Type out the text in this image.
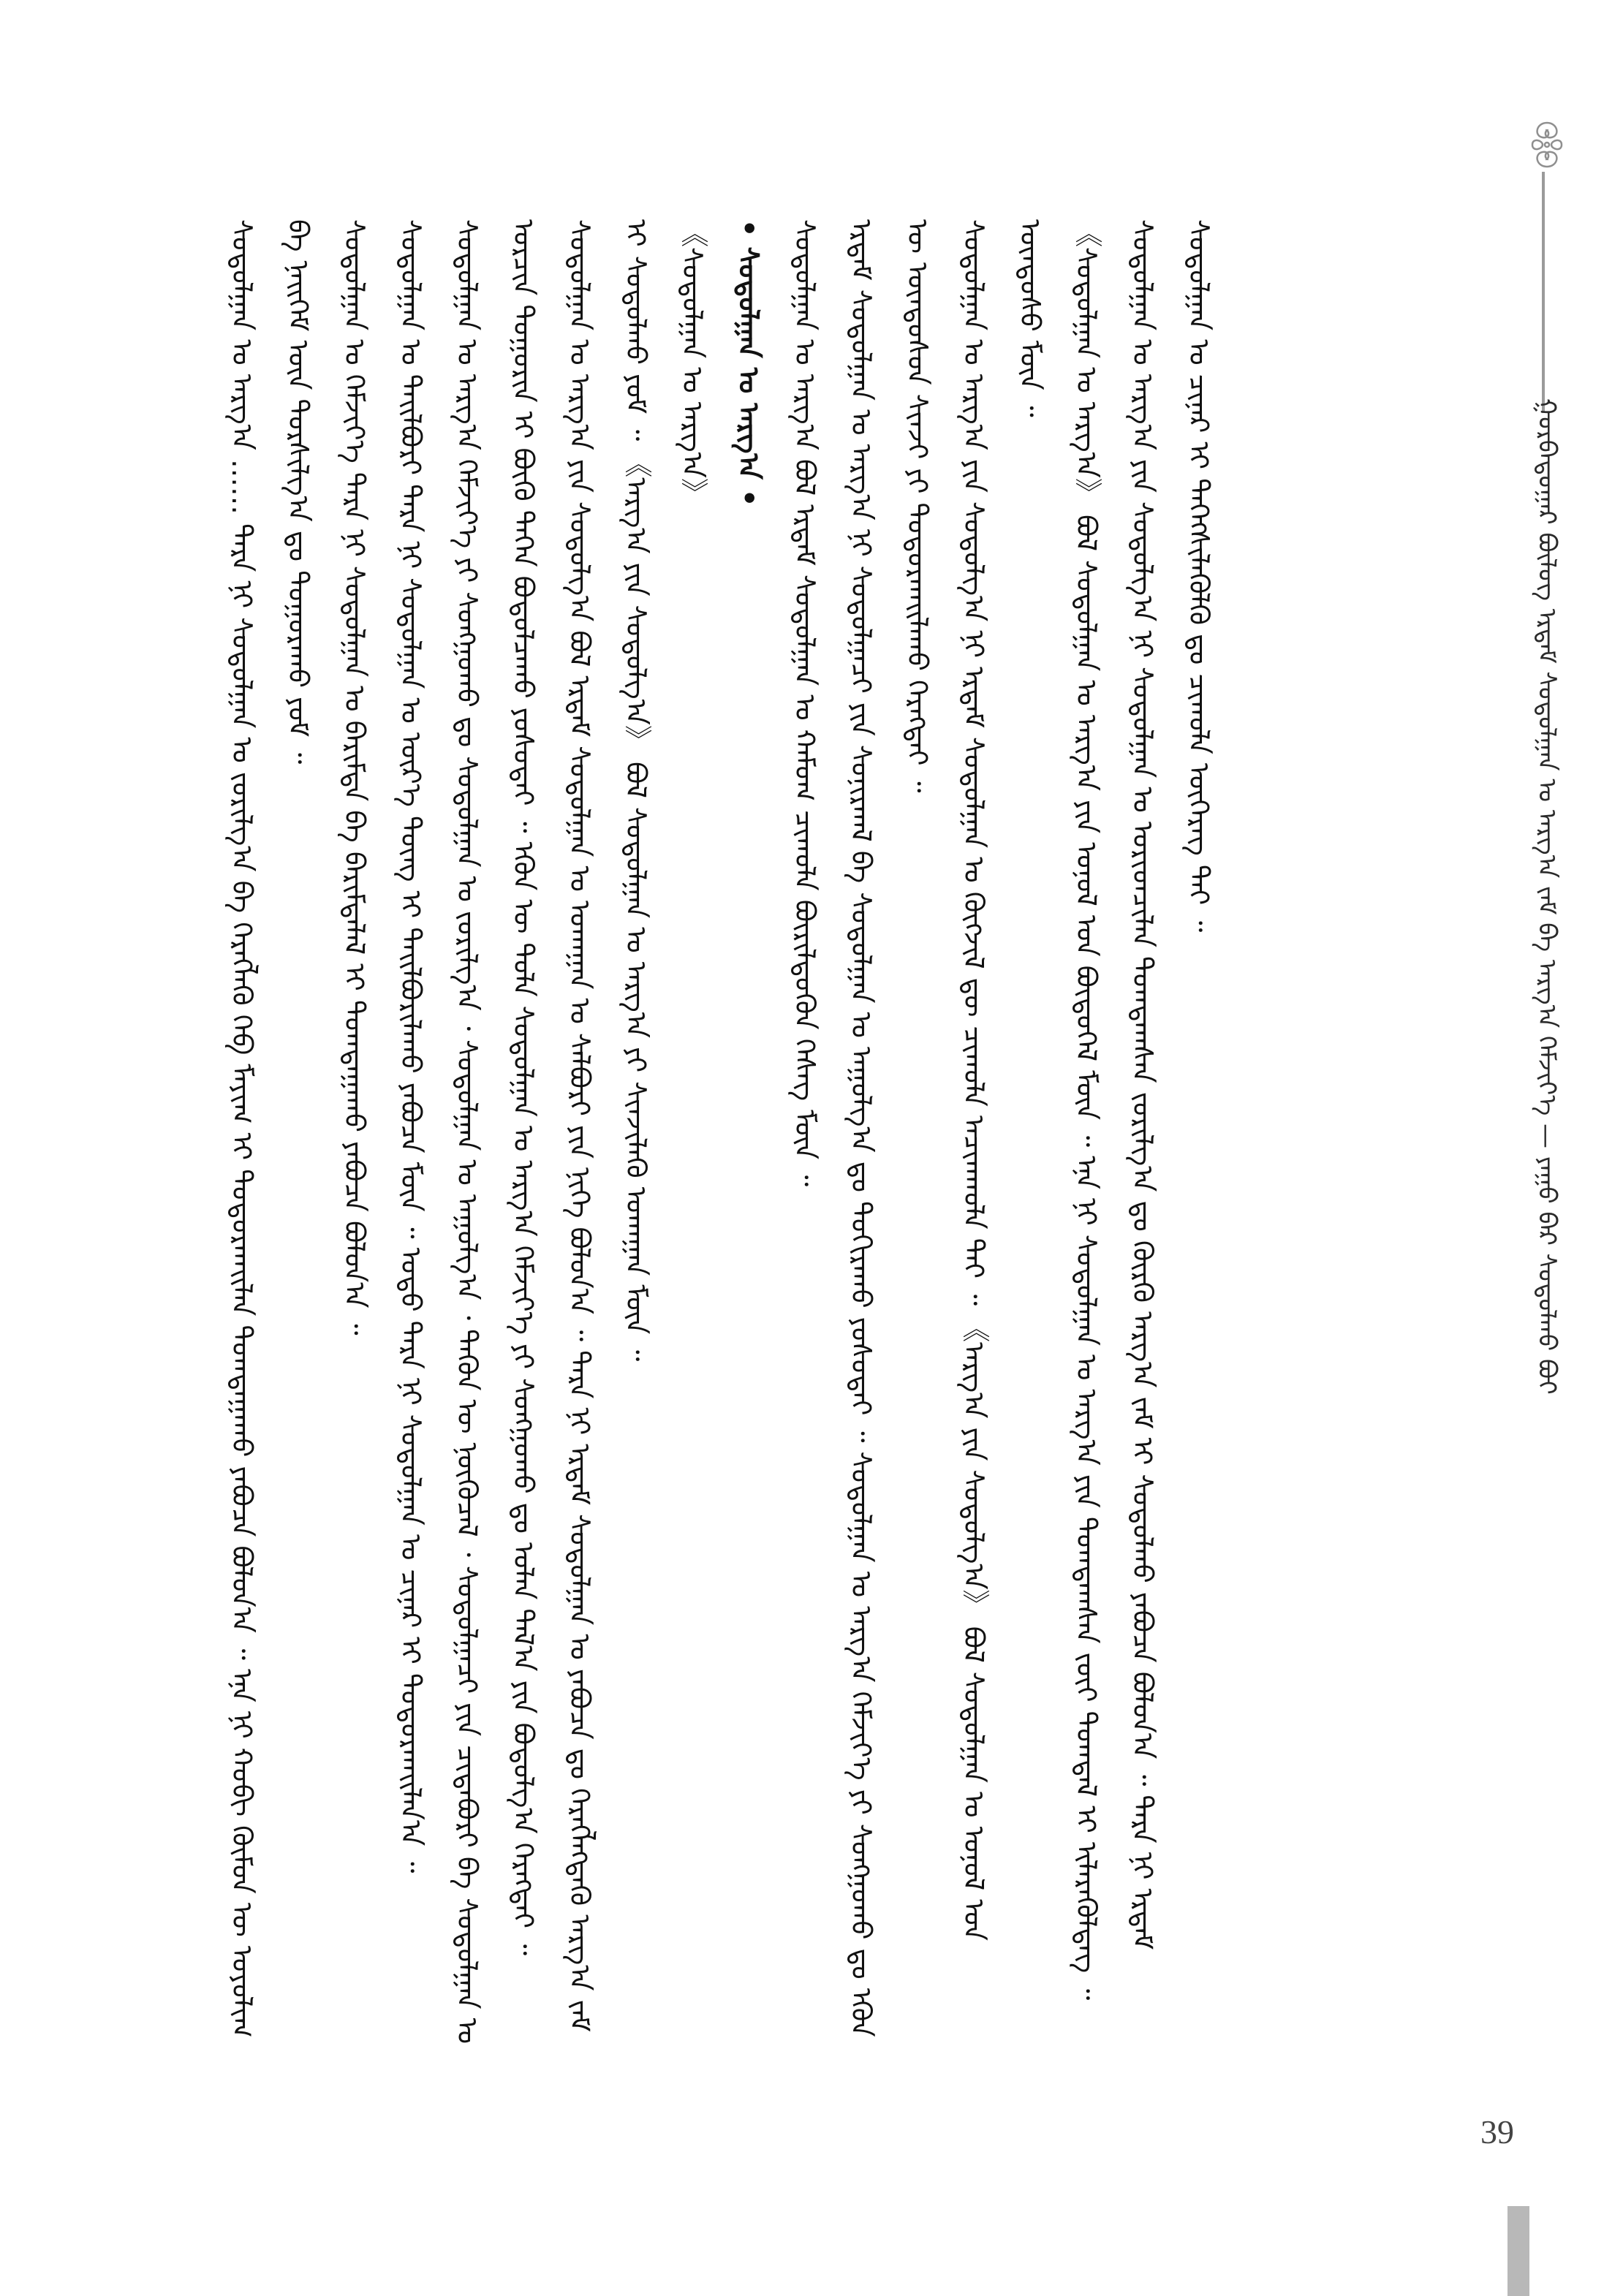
ᠭᠤᠷᠪᠠᠳᠤᠭᠠᠷ ᠪᠦᠯᠦᠭ ᠡᠷᠳᠡᠮ ᠰᠤᠳᠤᠯᠭᠠᠨ ᠤ ᠠᠷᠭ᠎ᠠ ᠵᠠᠮ ᠪᠠ ᠠᠷᠭ᠎ᠠ ᠬᠡᠮᠵᠢᠶ᠎ᠡ — ᠶᠠᠭᠤ ᠪᠡᠷ ᠰᠤᠳᠤᠯᠬᠤ ᠪᠤᠢ

ᠰᠤᠳᠤᠯᠭᠠᠨ ᠤ ᠠᠷᠭ᠎ᠠ …… ᠲᠡᠷᠡ ᠨᠢ ᠰᠤᠳᠤᠯᠭᠠᠨ ᠤ ᠵᠤᠷᠢᠯᠭ᠎ᠠ ᠪᠠ ᠬᠡᠷᠡᠭᠯᠡᠬᠦ ᠬᠡᠪ ᠮᠠᠶᠢᠭ ᠢ ᠲᠤᠳᠤᠷᠬᠠᠢᠯᠠᠨ ᠲᠣᠭᠲᠠᠭᠠᠬᠤ ᠶᠠᠪᠤᠴᠠ ᠪᠣᠯᠤᠨ᠎ᠠ ᠃ ᠡᠨᠡ ᠨᠢ ᠬᠤᠪᠢ ᠬᠦᠮᠦᠨ ᠦ ᠤᠶᠤᠯᠢᠭ ᠪᠠ ᠨᠡᠢᠭᠡᠮ ᠦᠨ ᠲᠤᠷᠰᠢᠯᠭ᠎ᠠ ᠳᠤ ᠲᠤᠭᠤᠷᠠᠬᠤ ᠶᠤᠮ ᠃ ᠰᠤᠳᠤᠯᠭᠠᠨ ᠤ ᠬᠡᠮᠵᠢᠶ᠎ᠡ ᠲᠡᠷᠡ ᠨᠢ ᠰᠤᠳᠤᠯᠭᠠᠨ ᠤ ᠪᠠᠷᠢᠮᠲᠠ ᠪᠠ ᠪᠠᠷᠢᠮᠲᠠᠯᠠᠯ ᠢ ᠲᠣᠭᠲᠠᠭᠠᠬᠤ ᠶᠠᠪᠤᠴᠠ ᠪᠣᠯᠤᠨ᠎ᠠ ᠃ ᠰᠤᠳᠤᠯᠭᠠᠨ ᠤ ᠲᠠᠢᠯᠪᠤᠷᠢ ᠲᠡᠷᠡ ᠨᠢ ᠰᠤᠳᠤᠯᠭᠠᠨ ᠤ ᠦᠷ᠎ᠡ ᠳᠦᠩ ᠢ ᠲᠠᠢᠯᠪᠤᠷᠢᠯᠠᠬᠤ ᠶᠠᠪᠤᠴᠠ ᠮᠥᠨ ᠃ ᠣᠳᠣ ᠲᠡᠷᠡ ᠨᠢ ᠰᠤᠳᠤᠯᠭᠠᠨ ᠤ ᠴᠢᠨᠠᠷ ᠢ ᠲᠣᠳᠤᠷᠬᠠᠢᠯᠠᠨ᠎ᠠ ᠃ ᠰᠤᠳᠤᠯᠭᠠᠨ ᠤ ᠠᠷᠭ᠎ᠠ ᠬᠡᠮᠵᠢᠶ᠎ᠡ ᠶᠢ ᠰᠣᠩᠭᠣᠬᠤ ᠳᠤ ᠰᠤᠳᠤᠯᠭᠠᠨ ᠤ ᠵᠣᠷᠢᠯᠭ᠎ᠠ ᠂ ᠰᠤᠳᠤᠯᠭᠠᠨ ᠤ ᠠᠭᠤᠯᠭ᠎ᠠ ᠂ ᠲᠡᠭᠦᠨ ᠦ ᠨᠥᠬᠦᠴᠡᠯ ᠂ ᠰᠤᠳᠤᠯᠭᠠᠴᠢ ᠶᠢᠨ ᠴᠢᠳᠠᠪᠤᠷᠢ ᠪᠠ ᠰᠤᠳᠤᠯᠭᠠᠨ ᠤ ᠣᠷᠴᠢᠨ ᠲᠣᠭᠣᠷᠢᠨ ᠢ ᠪᠦᠬᠦ ᠳᠡᠭᠡᠨ ᠪᠣᠳᠤᠯᠴᠠᠬᠤ ᠶᠣᠰᠣᠲᠠᠢ ᠃ ᠡᠭᠦᠨ ᠦ ᠲᠤᠯᠠ ᠰᠤᠳᠤᠯᠭᠠᠨ ᠤ ᠠᠷᠭ᠎ᠠ ᠬᠡᠮᠵᠢᠶ᠎ᠡ ᠶᠢ ᠰᠣᠩᠭᠣᠬᠤ ᠳᠤ ᠣᠯᠠᠨ ᠲᠠᠯ᠎ᠠ ᠶᠢᠨ ᠪᠣᠳᠤᠯᠭ᠎ᠠ ᠬᠡᠷᠡᠭᠲᠡᠢ ᠃ ᠰᠤᠳᠤᠯᠭᠠᠨ ᠤ ᠠᠷᠭ᠎ᠠ ᠶᠢᠨ ᠰᠤᠳᠤᠯᠭ᠎ᠠ ᠪᠣᠯ ᠡᠷᠳᠡᠮ ᠰᠤᠳᠤᠯᠭᠠᠨ ᠤ ᠤᠬᠠᠭᠠᠨ ᠤ ᠰᠠᠯᠪᠤᠷᠢ ᠶᠢᠨ ᠨᠢᠭᠡ ᠪᠣᠯᠤᠨ᠎ᠠ ᠃ ᠲᠡᠷᠡ ᠨᠢ ᠡᠷᠳᠡᠮ ᠰᠤᠳᠤᠯᠭᠠᠨ ᠤ ᠶᠠᠪᠤᠴᠠ ᠳᠤ ᠬᠡᠷᠡᠭᠯᠡᠭᠳᠡᠬᠦ ᠠᠷᠭ᠎ᠠ ᠵᠠᠮ ᠢ ᠰᠤᠳᠤᠯᠬᠤ ᠶᠤᠮ ᠃ 《ᠠᠷᠭ᠎ᠠ ᠶᠢᠨ ᠰᠤᠳᠤᠯᠭ᠎ᠠ》 ᠪᠣᠯ ᠰᠤᠳᠤᠯᠭᠠᠨ ᠤ ᠠᠷᠭ᠎ᠠ ᠶᠢ ᠰᠢᠨᠵᠢᠯᠡᠬᠦ ᠤᠬᠠᠭᠠᠨ ᠮᠥᠨ ᠃ 《ᠰᠤᠳᠤᠯᠭᠠᠨ ᠤ ᠠᠷᠭ᠎ᠠ》 • ᠰᠤᠳᠤᠯᠭᠠᠨ ᠤ ᠠᠷᠭ᠎ᠠ • ᠰᠤᠳᠤᠯᠭᠠᠨ ᠤ ᠠᠷᠭ᠎ᠠ ᠪᠣᠯ ᠡᠷᠳᠡᠮ ᠰᠤᠳᠤᠯᠭᠠᠨ ᠤ ᠬᠠᠮᠤᠭ ᠴᠢᠬᠤᠯᠠ ᠪᠦᠷᠢᠯᠳᠦᠬᠦᠨ ᠬᠡᠰᠡᠭ ᠮᠥᠨ ᠃ ᠡᠷᠳᠡᠮ ᠰᠤᠳᠤᠯᠭᠠᠨ ᠤ ᠠᠷᠭ᠎ᠠ ᠨᠢ ᠰᠤᠳᠤᠯᠭᠠᠴᠢ ᠶᠢᠨ ᠰᠣᠨᠢᠷᠬᠠᠯ ᠪᠠ ᠰᠤᠳᠤᠯᠭᠠᠨ ᠤ ᠠᠭᠤᠯᠭ᠎ᠠ ᠳᠤ ᠲᠣᠬᠢᠷᠠᠬᠤ ᠶᠣᠰᠣᠲᠠᠢ ᠃ ᠰᠤᠳᠤᠯᠭᠠᠨ ᠤ ᠠᠷᠭ᠎ᠠ ᠬᠡᠮᠵᠢᠶ᠎ᠡ ᠶᠢ ᠰᠣᠩᠭᠣᠬᠤ ᠳᠤ ᠡᠭᠦᠨ ᠦ ᠦᠨᠳᠦᠰᠦᠨ ᠰᠢᠨᠵᠢ ᠶᠢ ᠲᠣᠳᠤᠷᠬᠠᠢᠯᠠᠬᠤ ᠬᠡᠷᠡᠭᠲᠡᠢ ᠃ ᠰᠤᠳᠤᠯᠭᠠᠨ ᠤ ᠠᠷᠭ᠎ᠠ ᠶᠢᠨ ᠰᠤᠳᠤᠯᠭ᠎ᠠ ᠨᠢ ᠡᠷᠳᠡᠮ ᠰᠤᠳᠤᠯᠭᠠᠨ ᠤ ᠬᠥᠭᠵᠢᠯ ᠳᠦ ᠴᠢᠬᠤᠯᠠ ᠠᠴᠢᠬᠬᠣᠯᠠ ᠲᠠᠢ ᠃ 《ᠠᠷᠭ᠎ᠠ ᠶᠢᠨ ᠰᠤᠳᠤᠯᠭ᠎ᠠ》 ᠪᠣᠯ ᠰᠤᠳᠤᠯᠭᠠᠨ ᠤ ᠣᠨᠣᠯ ᠤᠨ ᠦᠨᠳᠦᠰᠦ ᠮᠥᠨ ᠃ 《ᠰᠤᠳᠤᠯᠭᠠᠨ ᠤ ᠠᠷᠭ᠎ᠠ》 ᠪᠣᠯ ᠰᠤᠳᠤᠯᠭᠠᠨ ᠤ ᠠᠷᠭ᠎ᠠ ᠶᠢᠨ ᠣᠨᠣᠯ ᠤᠨ ᠪᠦᠲᠦᠭᠡᠯ ᠮᠥᠨ ᠃ ᠡᠨᠡ ᠨᠢ ᠰᠤᠳᠤᠯᠭᠠᠨ ᠤ ᠠᠷᠭ᠎ᠠ ᠶᠢᠨ ᠲᠣᠭᠲᠠᠭᠰᠠᠨ ᠵᠦᠢ ᠲᠣᠭᠲᠠᠯ ᠢ ᠢᠯᠡᠷᠡᠭᠦᠯᠳᠡᠭ ᠃ ᠰᠤᠳᠤᠯᠭᠠᠨ ᠤ ᠠᠷᠭ᠎ᠠ ᠶᠢᠨ ᠰᠤᠳᠤᠯᠭ᠎ᠠ ᠨᠢ ᠰᠤᠳᠤᠯᠭᠠᠨ ᠤ ᠤᠷᠢᠳᠴᠢᠯᠠᠨ ᠲᠣᠭᠲᠠᠭᠰᠠᠨ ᠵᠣᠷᠢᠯᠭ᠎ᠠ ᠳᠤ ᠬᠦᠷᠬᠦ ᠠᠷᠭ᠎ᠠ ᠵᠠᠮ ᠢ ᠰᠤᠳᠤᠯᠬᠤ ᠶᠠᠪᠤᠴᠠ ᠪᠣᠯᠤᠨ᠎ᠠ ᠃ ᠲᠡᠷᠡ ᠨᠢ ᠡᠷᠳᠡᠮ ᠰᠤᠳᠤᠯᠭᠠᠨ ᠤ ᠴᠢᠨᠠᠷ ᠢ ᠳᠡᠭᠡᠭᠰᠢᠯᠡᠭᠦᠯᠬᠦ ᠳᠤ ᠴᠢᠬᠤᠯᠠ ᠦᠭᠡᠷᠡᠭ ᠲᠠᠢ ᠃

39
